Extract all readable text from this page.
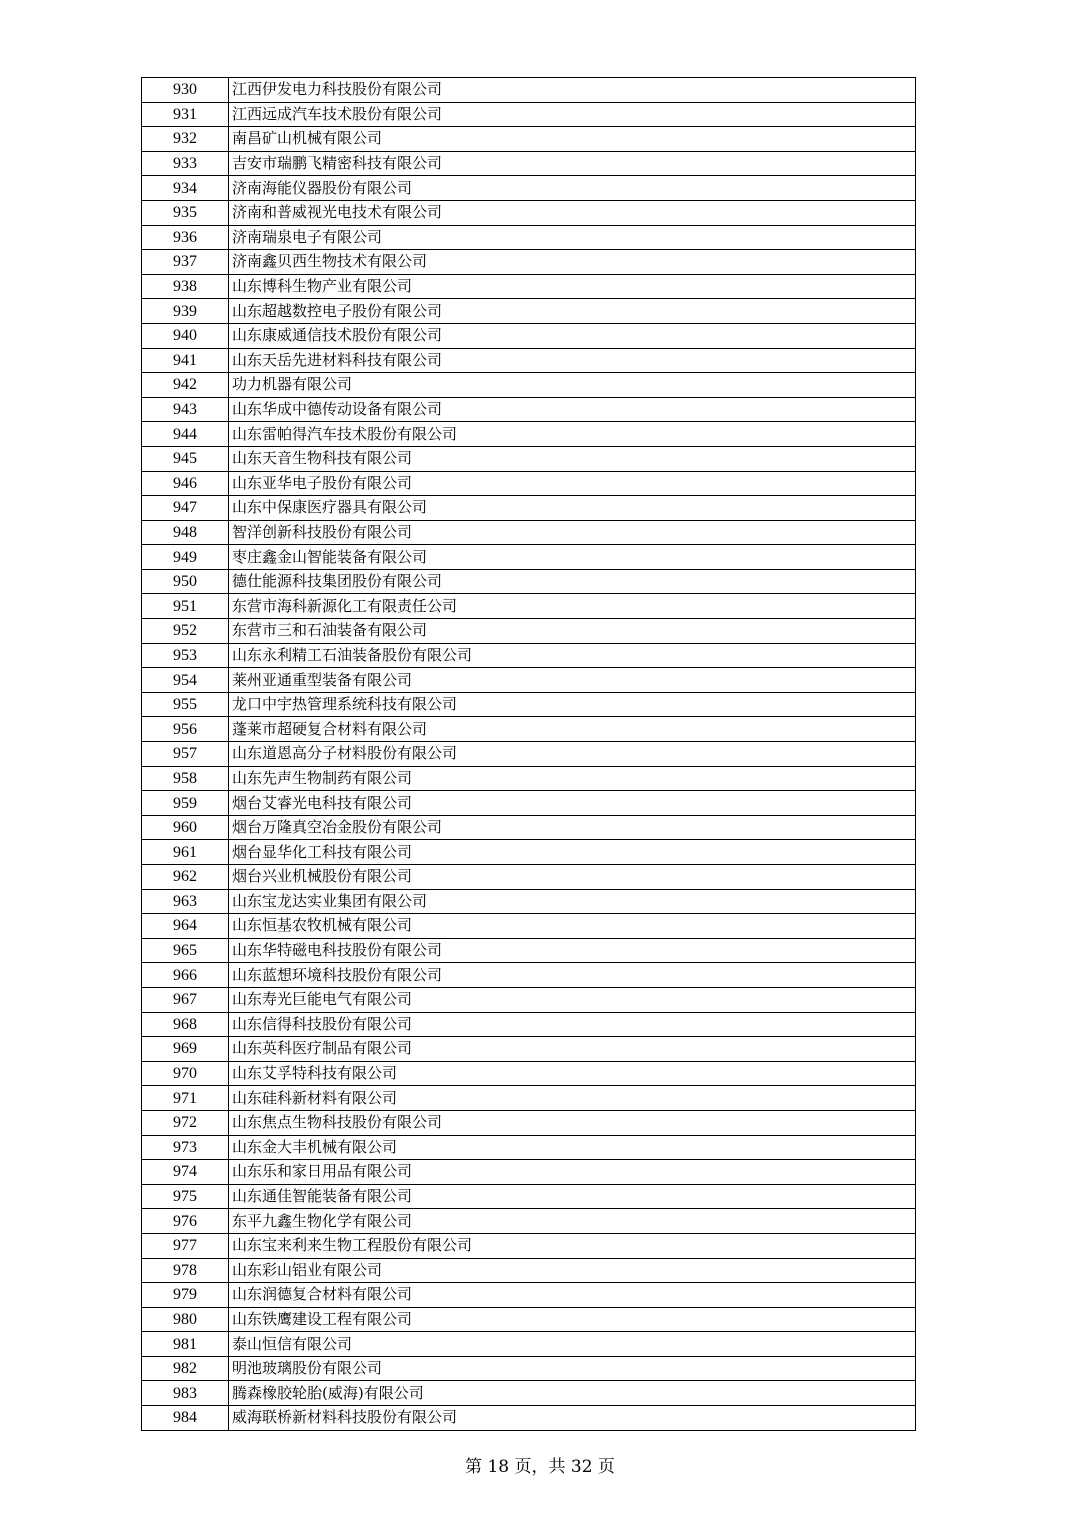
930	江西伊发电力科技股份有限公司
931	江西远成汽车技术股份有限公司
932	南昌矿山机械有限公司
933	吉安市瑞鹏飞精密科技有限公司
934	济南海能仪器股份有限公司
935	济南和普威视光电技术有限公司
936	济南瑞泉电子有限公司
937	济南鑫贝西生物技术有限公司
938	山东博科生物产业有限公司
939	山东超越数控电子股份有限公司
940	山东康威通信技术股份有限公司
941	山东天岳先进材料科技有限公司
942	功力机器有限公司
943	山东华成中德传动设备有限公司
944	山东雷帕得汽车技术股份有限公司
945	山东天音生物科技有限公司
946	山东亚华电子股份有限公司
947	山东中保康医疗器具有限公司
948	智洋创新科技股份有限公司
949	枣庄鑫金山智能装备有限公司
950	德仕能源科技集团股份有限公司
951	东营市海科新源化工有限责任公司
952	东营市三和石油装备有限公司
953	山东永利精工石油装备股份有限公司
954	莱州亚通重型装备有限公司
955	龙口中宇热管理系统科技有限公司
956	蓬莱市超硬复合材料有限公司
957	山东道恩高分子材料股份有限公司
958	山东先声生物制药有限公司
959	烟台艾睿光电科技有限公司
960	烟台万隆真空冶金股份有限公司
961	烟台显华化工科技有限公司
962	烟台兴业机械股份有限公司
963	山东宝龙达实业集团有限公司
964	山东恒基农牧机械有限公司
965	山东华特磁电科技股份有限公司
966	山东蓝想环境科技股份有限公司
967	山东寿光巨能电气有限公司
968	山东信得科技股份有限公司
969	山东英科医疗制品有限公司
970	山东艾孚特科技有限公司
971	山东硅科新材料有限公司
972	山东焦点生物科技股份有限公司
973	山东金大丰机械有限公司
974	山东乐和家日用品有限公司
975	山东通佳智能装备有限公司
976	东平九鑫生物化学有限公司
977	山东宝来利来生物工程股份有限公司
978	山东彩山铝业有限公司
979	山东润德复合材料有限公司
980	山东铁鹰建设工程有限公司
981	泰山恒信有限公司
982	明池玻璃股份有限公司
983	腾森橡胶轮胎(威海)有限公司
984	威海联桥新材料科技股份有限公司
第 18 页，共 32 页
